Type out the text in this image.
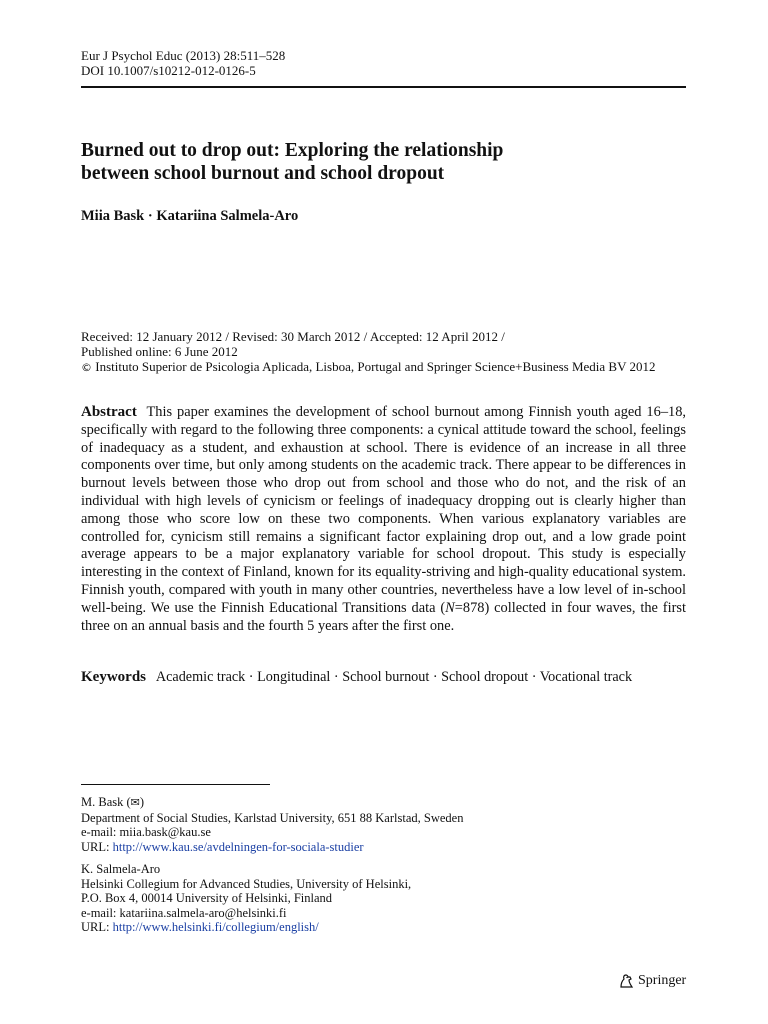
Eur J Psychol Educ (2013) 28:511–528
DOI 10.1007/s10212-012-0126-5
Burned out to drop out: Exploring the relationship
between school burnout and school dropout
Miia Bask · Katariina Salmela-Aro
Received: 12 January 2012 / Revised: 30 March 2012 / Accepted: 12 April 2012 /
Published online: 6 June 2012
© Instituto Superior de Psicologia Aplicada, Lisboa, Portugal and Springer Science+Business Media BV 2012

Abstract This paper examines the development of school burnout among Finnish youth aged 16–18, specifically with regard to the following three components: a cynical attitude toward the school, feelings of inadequacy as a student, and exhaustion at school. There is evidence of an increase in all three components over time, but only among students on the academic track. There appear to be differences in burnout levels between those who drop out from school and those who do not, and the risk of an individual with high levels of cynicism or feelings of inadequacy dropping out is clearly higher than among those who score low on these two components. When various explanatory variables are controlled for, cynicism still remains a significant factor explaining drop out, and a low grade point average appears to be a major explanatory variable for school dropout. This study is especially interesting in the context of Finland, known for its equality-striving and high-quality educational system. Finnish youth, compared with youth in many other countries, nevertheless have a low level of in-school well-being. We use the Finnish Educational Transitions data (N=878) collected in four waves, the first three on an annual basis and the fourth 5 years after the first one.

Keywords Academic track · Longitudinal · School burnout · School dropout · Vocational track

M. Bask (✉)
Department of Social Studies, Karlstad University, 651 88 Karlstad, Sweden
e-mail: miia.bask@kau.se
URL: http://www.kau.se/avdelningen-for-sociala-studier
K. Salmela-Aro
Helsinki Collegium for Advanced Studies, University of Helsinki,
P.O. Box 4, 00014 University of Helsinki, Finland
e-mail: katariina.salmela-aro@helsinki.fi
URL: http://www.helsinki.fi/collegium/english/
Springer
